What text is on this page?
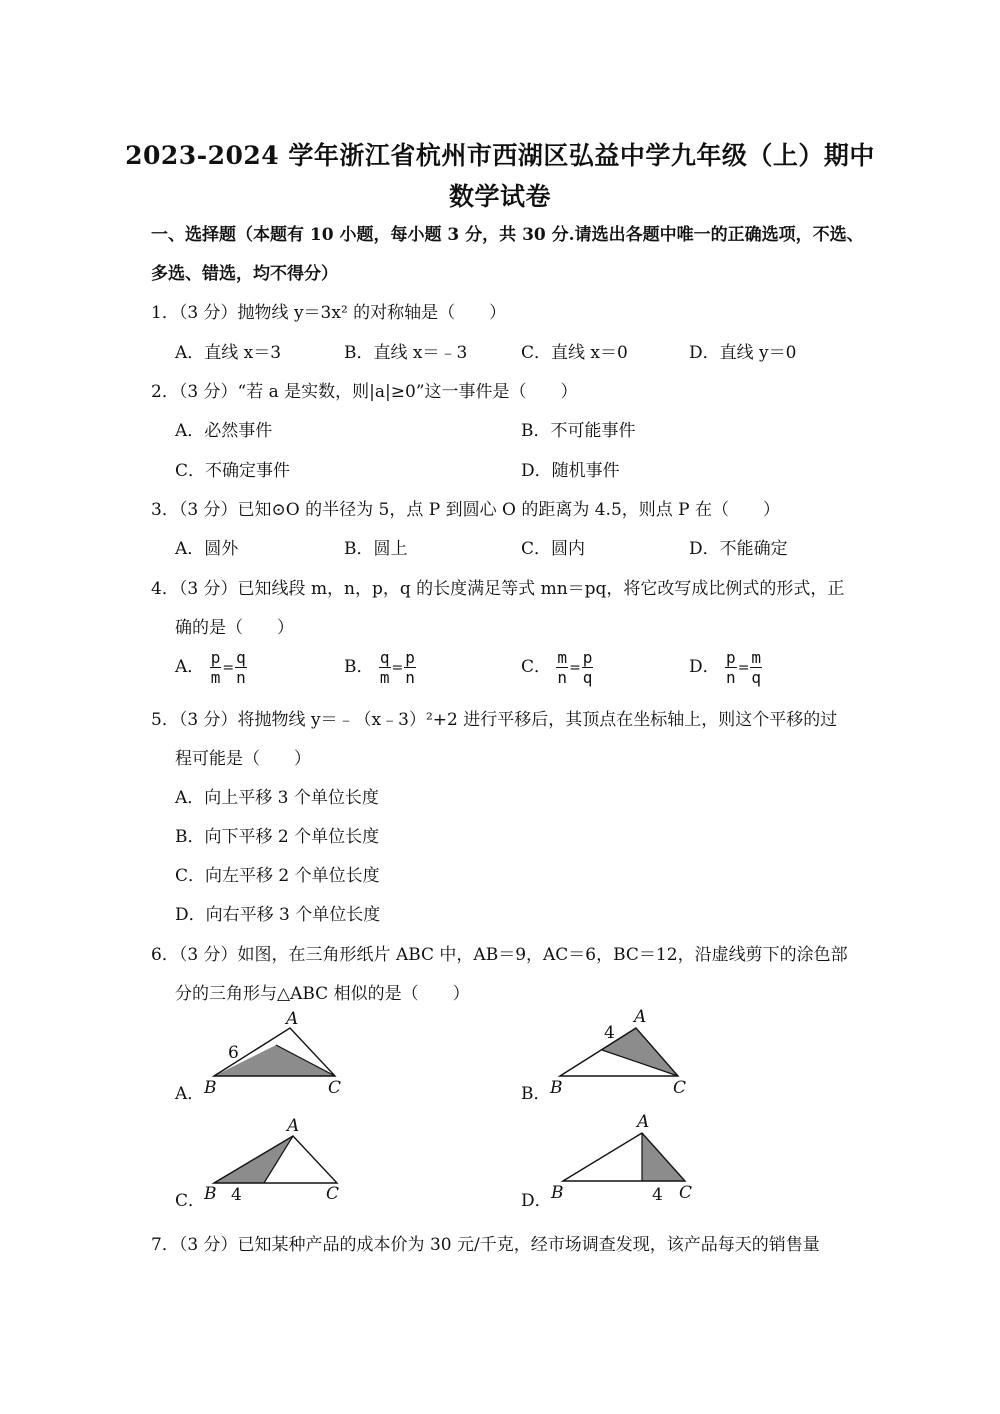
2023-2024 学年浙江省杭州市西湖区弘益中学九年级（上）期中
数学试卷
一、选择题（本题有 10 小题，每小题 3 分，共 30 分.请选出各题中唯一的正确选项，不选、
多选、错选，均不得分）
1．（3 分）抛物线 y＝3x² 的对称轴是（　　）
A．直线 x＝3	B．直线 x＝﹣3	C．直线 x＝0	D．直线 y＝0
2．（3 分）“若 a 是实数，则|a|≥0”这一事件是（　　）
A．必然事件	B．不可能事件
C．不确定事件	D．随机事件
3．（3 分）已知⊙O 的半径为 5，点 P 到圆心 O 的距离为 4.5，则点 P 在（　　）
A．圆外	B．圆上	C．圆内	D．不能确定
4．（3 分）已知线段 m，n，p，q 的长度满足等式 mn＝pq，将它改写成比例式的形式，正
确的是（　　）
A． $\frac{p}{m} = \frac{q}{n}$	B． $\frac{q}{m} = \frac{p}{n}$	C． $\frac{m}{n} = \frac{p}{q}$	D． $\frac{p}{n} = \frac{m}{q}$
5．（3 分）将抛物线 y＝﹣（x﹣3）²+2 进行平移后，其顶点在坐标轴上，则这个平移的过
程可能是（　　）
A．向上平移 3 个单位长度
B．向下平移 2 个单位长度
C．向左平移 2 个单位长度
D．向右平移 3 个单位长度
6．（3 分）如图，在三角形纸片 ABC 中，AB＝9，AC＝6，BC＝12，沿虚线剪下的涂色部
分的三角形与△ABC 相似的是（　　）
A．	B．
C．	D．
A
B	C
6
A
B	C
4
A
B	C
4
A
B	C
4
7．（3 分）已知某种产品的成本价为 30 元/千克，经市场调查发现，该产品每天的销售量
